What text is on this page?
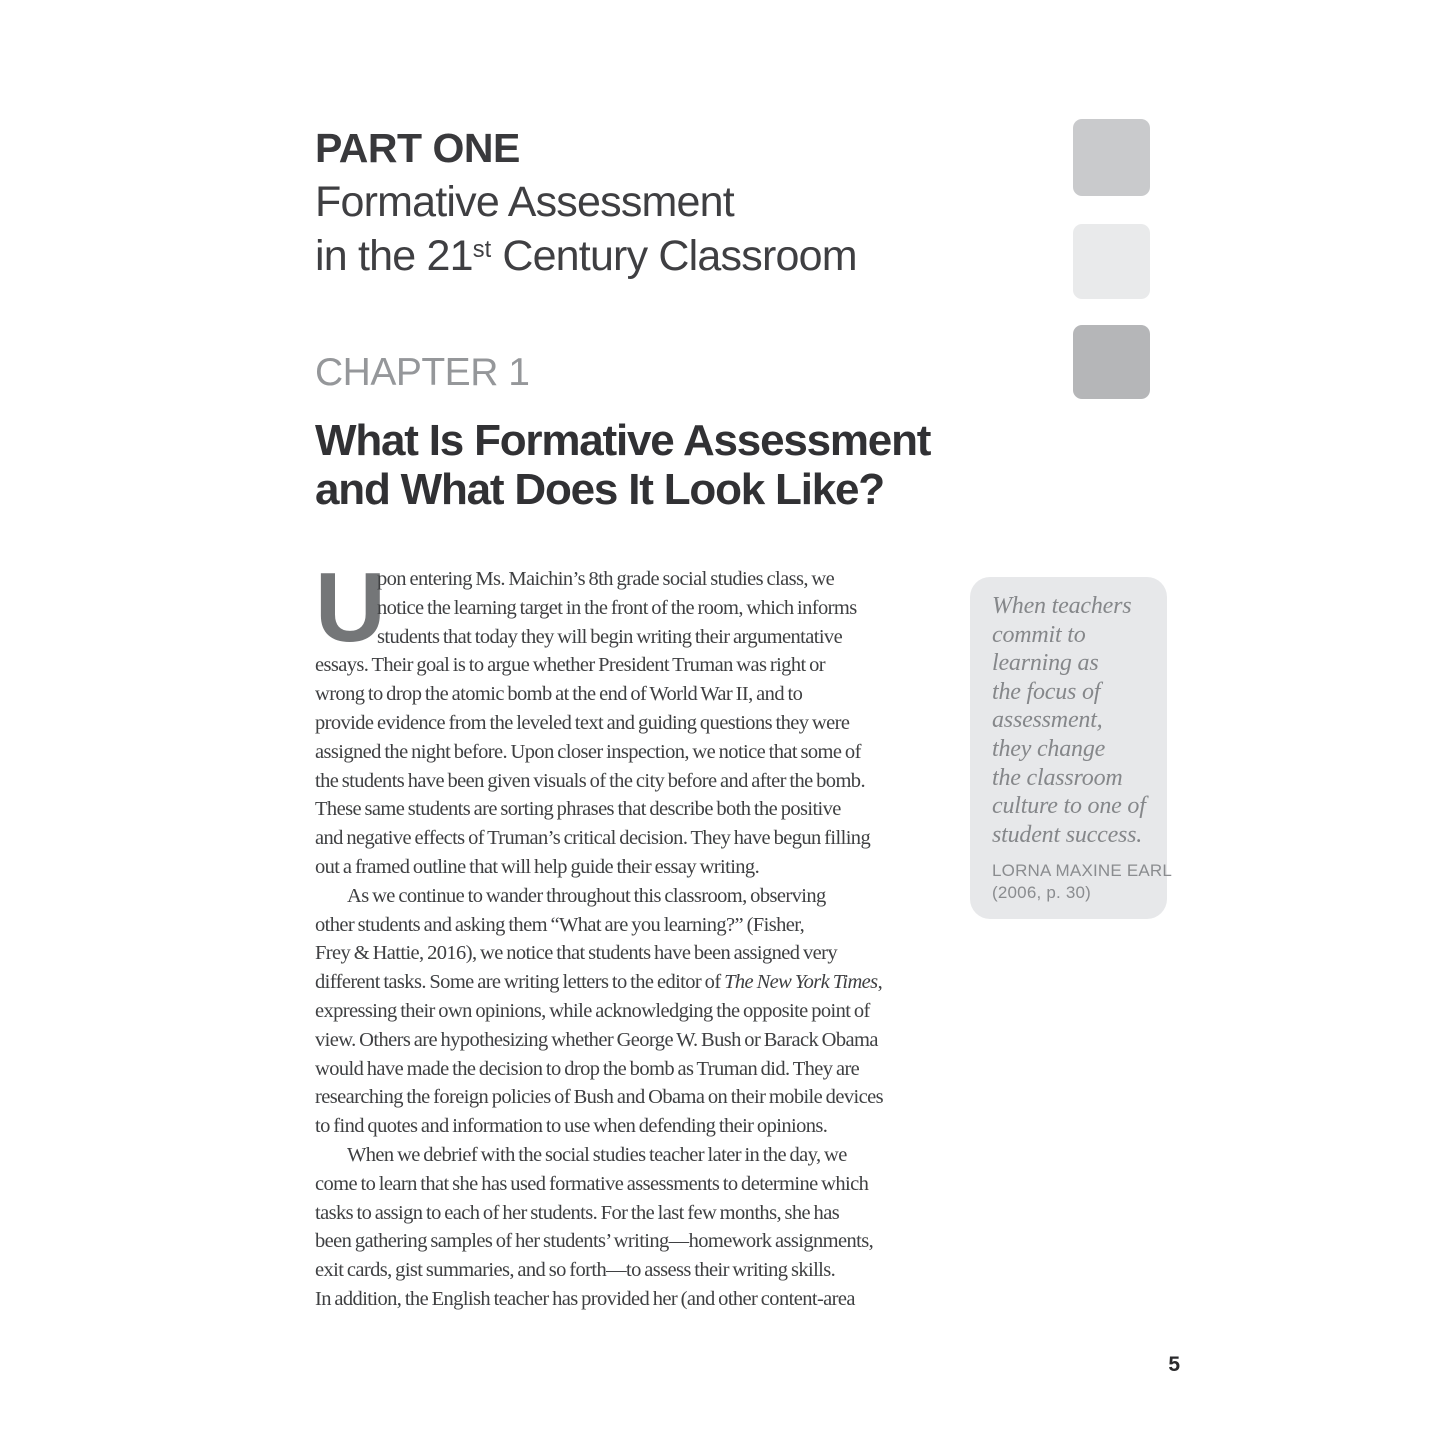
PART ONE
Formative Assessment
in the 21st Century Classroom
CHAPTER 1
What Is Formative Assessment
and What Does It Look Like?
U
pon entering Ms. Maichin’s 8th grade social studies class, we
notice the learning target in the front of the room, which informs
students that today they will begin writing their argumentative
essays. Their goal is to argue whether President Truman was right or
wrong to drop the atomic bomb at the end of World War II, and to
provide evidence from the leveled text and guiding questions they were
assigned the night before. Upon closer inspection, we notice that some of
the students have been given visuals of the city before and after the bomb.
These same students are sorting phrases that describe both the positive
and negative effects of Truman’s critical decision. They have begun filling
out a framed outline that will help guide their essay writing.
As we continue to wander throughout this classroom, observing
other students and asking them “What are you learning?” (Fisher,
Frey & Hattie, 2016), we notice that students have been assigned very
different tasks. Some are writing letters to the editor of The New York Times,
expressing their own opinions, while acknowledging the opposite point of
view. Others are hypothesizing whether George W. Bush or Barack Obama
would have made the decision to drop the bomb as Truman did. They are
researching the foreign policies of Bush and Obama on their mobile devices
to find quotes and information to use when defending their opinions.
When we debrief with the social studies teacher later in the day, we
come to learn that she has used formative assessments to determine which
tasks to assign to each of her students. For the last few months, she has
been gathering samples of her students’ writing—homework assignments,
exit cards, gist summaries, and so forth—to assess their writing skills.
In addition, the English teacher has provided her (and other content-area
When teachers
commit to
learning as
the focus of
assessment,
they change
the classroom
culture to one of
student success.
LORNA MAXINE EARL
(2006, p. 30)
5
